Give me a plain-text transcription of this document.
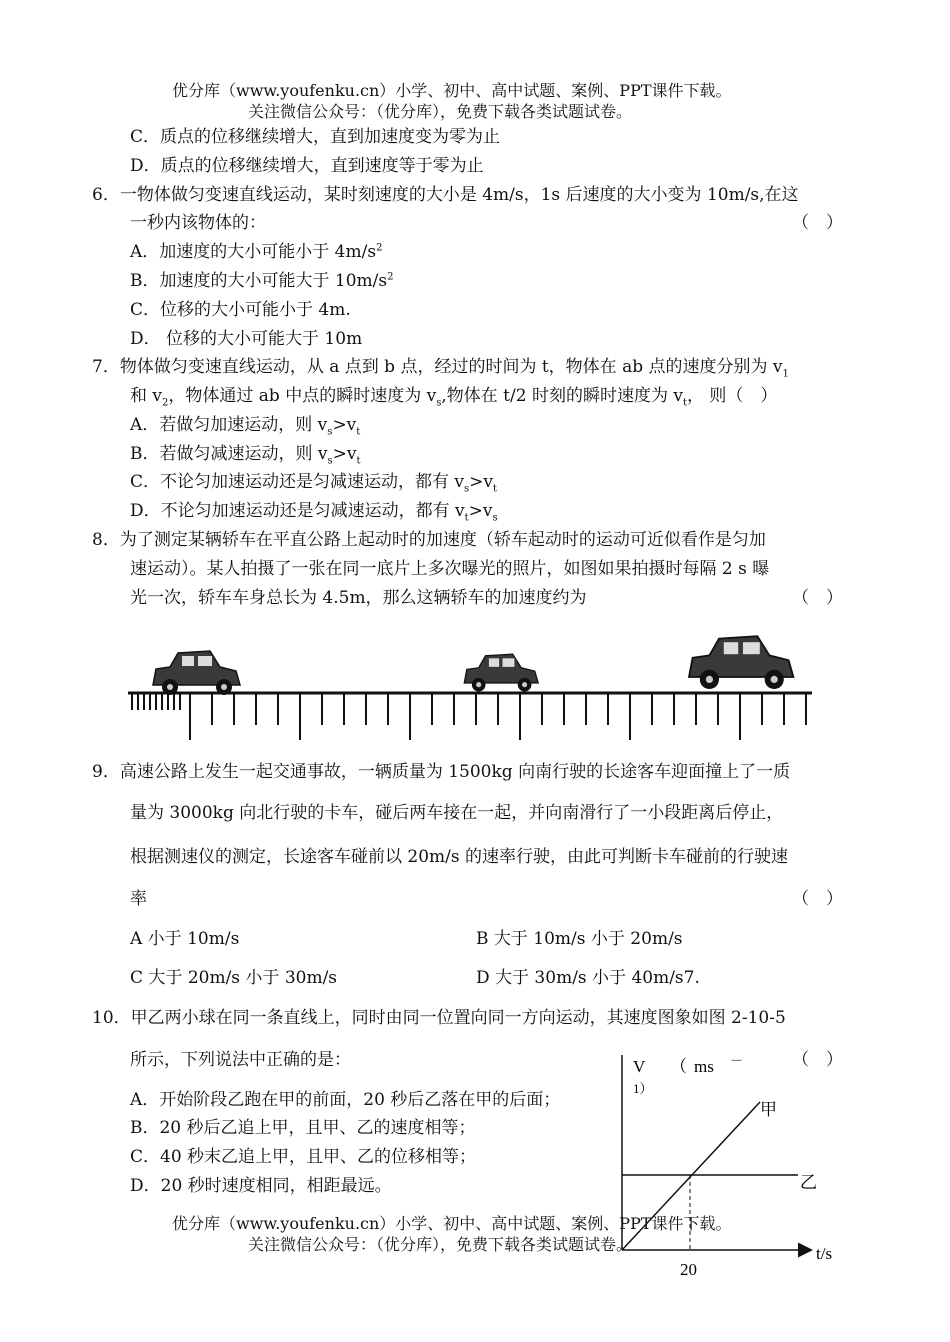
优分库（www.youfenku.cn）小学、初中、高中试题、案例、PPT课件下载。
关注微信公众号：（优分库），免费下载各类试题试卷。
C．质点的位移继续增大，直到加速度变为零为止
D．质点的位移继续增大，直到速度等于零为止
6．一物体做匀变速直线运动，某时刻速度的大小是 4m/s，1s 后速度的大小变为 10m/s,在这
一秒内该物体的：	（　）
A．加速度的大小可能小于 $4m/s^2$
B．加速度的大小可能大于 $10m/s^2$
C．位移的大小可能小于 4m.
D． 位移的大小可能大于 10m
7．物体做匀变速直线运动，从 a 点到 b 点，经过的时间为 t，物体在 ab 点的速度分别为 $v_1$
和 $v_2$，物体通过 ab 中点的瞬时速度为 $v_s$,物体在 t/2 时刻的瞬时速度为 $v_t$， 则（　）
A．若做匀加速运动，则 $v_s>v_t$
B．若做匀减速运动，则 $v_s>v_t$
C．不论匀加速运动还是匀减速运动，都有 $v_s>v_t$
D．不论匀加速运动还是匀减速运动，都有 $v_t>v_s$
8．为了测定某辆轿车在平直公路上起动时的加速度（轿车起动时的运动可近似看作是匀加
速运动）。某人拍摄了一张在同一底片上多次曝光的照片，如图如果拍摄时每隔 2 s 曝
光一次，轿车车身总长为 4.5m，那么这辆轿车的加速度约为	（　）
9．高速公路上发生一起交通事故，一辆质量为 1500kg 向南行驶的长途客车迎面撞上了一质
量为 3000kg 向北行驶的卡车，碰后两车接在一起，并向南滑行了一小段距离后停止，
根据测速仪的测定，长途客车碰前以 20m/s 的速率行驶，由此可判断卡车碰前的行驶速
率	（　）
A 小于 10m/s	B 大于 10m/s 小于 20m/s
C 大于 20m/s 小于 30m/s	D 大于 30m/s 小于 40m/s7.
10．甲乙两小球在同一条直线上，同时由同一位置向同一方向运动，其速度图象如图 2-10-5
所示，下列说法中正确的是：	（　）
A．开始阶段乙跑在甲的前面，20 秒后乙落在甲的后面；
B．20 秒后乙追上甲，且甲、乙的速度相等；
C．40 秒末乙追上甲，且甲、乙的位移相等；
D．20 秒时速度相同，相距最远。
V （ ms －
1）
甲
乙
t/s
20
优分库（www.youfenku.cn）小学、初中、高中试题、案例、PPT课件下载。
关注微信公众号：（优分库），免费下载各类试题试卷。
